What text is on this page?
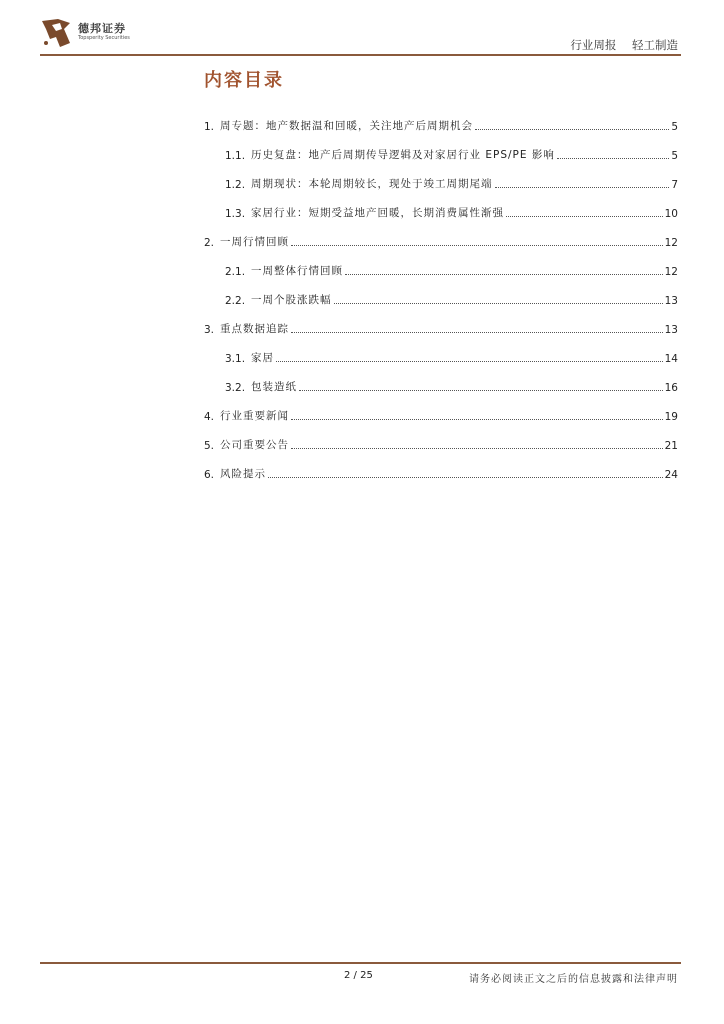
德邦证券
Topsperity Securities	行业周报 轻工制造
内容目录
1. 周专题：地产数据温和回暖，关注地产后周期机会	5
1.1. 历史复盘：地产后周期传导逻辑及对家居行业 EPS/PE 影响	5
1.2. 周期现状：本轮周期较长，现处于竣工周期尾端	7
1.3. 家居行业：短期受益地产回暖，长期消费属性渐强	10
2. 一周行情回顾	12
2.1. 一周整体行情回顾	12
2.2. 一周个股涨跌幅	13
3. 重点数据追踪	13
3.1. 家居	14
3.2. 包装造纸	16
4. 行业重要新闻	19
5. 公司重要公告	21
6. 风险提示	24
2 / 25	请务必阅读正文之后的信息披露和法律声明
